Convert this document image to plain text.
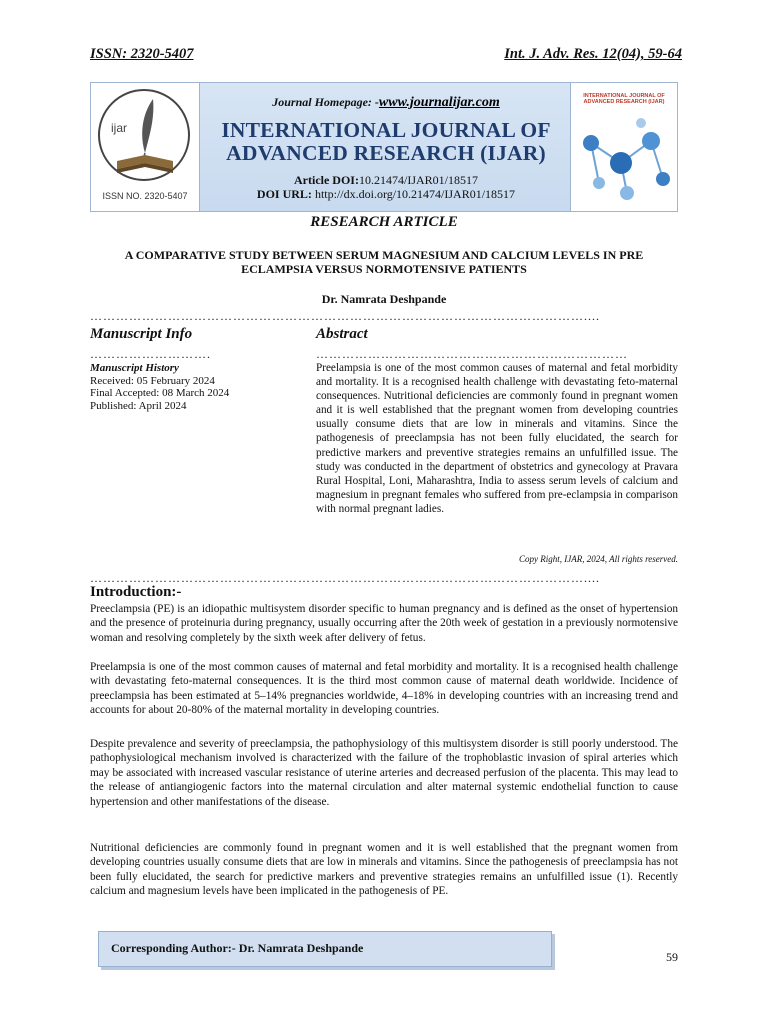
ISSN: 2320-5407	Int. J. Adv. Res. 12(04), 59-64
ijar
ISSN NO. 2320-5407
Journal Homepage: -www.journalijar.com
INTERNATIONAL JOURNAL OF
ADVANCED RESEARCH (IJAR)
Article DOI:10.21474/IJAR01/18517
DOI URL: http://dx.doi.org/10.21474/IJAR01/18517
INTERNATIONAL JOURNAL OF ADVANCED RESEARCH (IJAR)
RESEARCH ARTICLE
A COMPARATIVE STUDY BETWEEN SERUM MAGNESIUM AND CALCIUM LEVELS IN PRE
ECLAMPSIA VERSUS NORMOTENSIVE PATIENTS
Dr. Namrata Deshpande
……………………………………………………………………………………………………....
Manuscript Info	Abstract
……………………….	………………………………………………………………
Manuscript History
Received: 05 February 2024
Final Accepted: 08 March 2024
Published: April 2024
Preelampsia is one of the most common causes of maternal and fetal morbidity and mortality. It is a recognised health challenge with devastating feto-maternal consequences. Nutritional deficiencies are commonly found in pregnant women and it is well established that the pregnant women from developing countries usually consume diets that are low in minerals and vitamins. Since the pathogenesis of preeclampsia has not been fully elucidated, the search for predictive markers and preventive strategies remains an unfulfilled issue. The study was conducted in the department of obstetrics and gynecology at Pravara Rural Hospital, Loni, Maharashtra, India to assess serum levels of calcium and magnesium in pregnant females who suffered from pre-eclampsia in comparison with normal pregnant ladies.
Copy Right, IJAR, 2024, All rights reserved.
……………………………………………………………………………………………………....
Introduction:-
Preeclampsia (PE) is an idiopathic multisystem disorder specific to human pregnancy and is defined as the onset of hypertension and the presence of proteinuria during pregnancy, usually occurring after the 20th week of gestation in a previously normotensive woman and resolving completely by the sixth week after delivery of fetus.
Preelampsia is one of the most common causes of maternal and fetal morbidity and mortality. It is a recognised health challenge with devastating feto-maternal consequences. It is the third most common cause of maternal death worldwide. Incidence of preeclampsia has been estimated at 5–14% pregnancies worldwide, 4–18% in developing countries with an increasing trend and accounts for about 20-80% of the maternal mortality in developing countries.
Despite prevalence and severity of preeclampsia, the pathophysiology of this multisystem disorder is still poorly understood. The pathophysiological mechanism involved is characterized with the failure of the trophoblastic invasion of spiral arteries which may be associated with increased vascular resistance of uterine arteries and decreased perfusion of the placenta. This may lead to the release of antiangiogenic factors into the maternal circulation and alter maternal systemic endothelial function to cause hypertension and other manifestations of the disease.
Nutritional deficiencies are commonly found in pregnant women and it is well established that the pregnant women from developing countries usually consume diets that are low in minerals and vitamins. Since the pathogenesis of preeclampsia has not been fully elucidated, the search for predictive markers and preventive strategies remains an unfulfilled issue (1). Recently calcium and magnesium levels have been implicated in the pathogenesis of PE.
Corresponding Author:- Dr. Namrata Deshpande
59
